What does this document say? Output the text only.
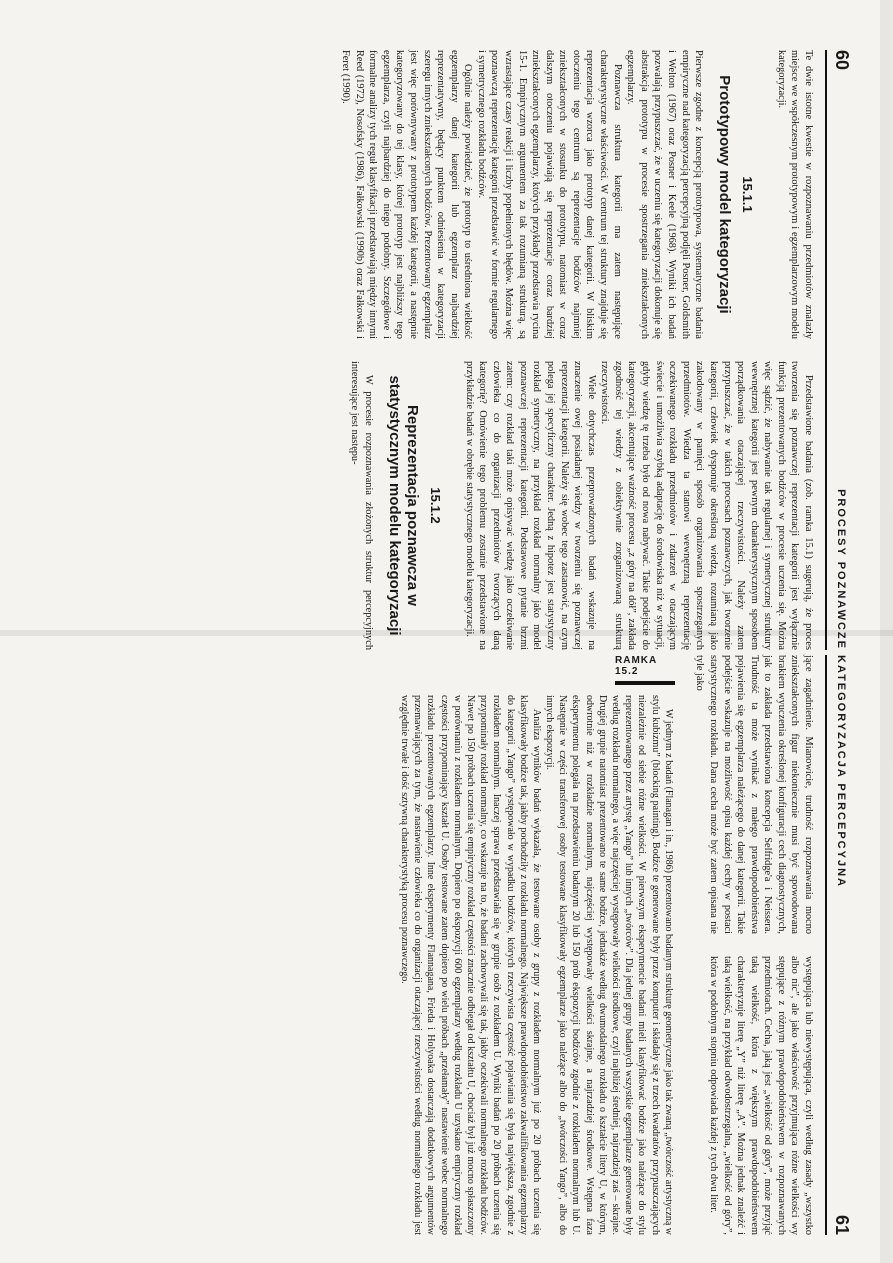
60
PROCESY POZNAWCZE

Te dwie istotne kwestie w rozpoznawaniu przedmiotów znalazły miejsce we współczesnym prototypowym i egzemplarzowym modelu kategoryzacji.

15.1.1
Prototypowy model kategoryzacji

Pierwsze zgodne z koncepcją prototypowa, systematyczne badania empiryczne nad kategoryzacją percepcyjną podjęli Posner, Goldsmith i Welton (1967) oraz Posner i Keele (1968). Wyniki ich badań pozwalają przypuszczać, że w uczeniu się kategoryzacji dokonuje się abstrakcja prototypu w procesie spostrzegania zniekształconych egzemplarzy.

Poznawcza struktura kategorii ma zatem następujące charakterystyczne właściwości. W centrum tej struktury znajduje się reprezentacja wzorca jako prototyp danej kategorii. W bliskim otoczeniu tego centrum są reprezentacje bodźców najmniej zniekształconych w stosunku do prototypu, natomiast w coraz dalszym otoczeniu pojawiają się reprezentacje coraz bardziej zniekształconych egzemplarzy, których przykłady przedstawia rycina 15-1. Empirycznym argumentem za tak rozumianą strukturą, są wzrastające czasy reakcji i liczby popełnionych błędów. Można więc poznawczą reprezentację kategorii przedstawić w formie regularnego i symetrycznego rozkładu bodźców.

Ogólnie należy powiedzieć, że prototyp to uśredniona wielkość egzemplarzy danej kategorii lub egzemplarz najbardziej reprezentatywny, będący punktem odniesienia w kategoryzacji szeregu innych zniekształconych bodźców. Prezentowany egzemplarz jest więc porównywany z prototypem każdej kategorii, a następnie kategoryzowany do tej klasy, której prototyp jest najbliższy tego egzemplarza, czyli najbardziej do niego podobny. Szczegółowe i formalne analizy tych reguł klasyfikacji przedstawiają między innymi Reed (1972), Nosofsky (1986), Fałkowski (1990b) oraz Fałkowski i Feret (1990).

Przedstawione badania (zob. ramka 15.1) sugerują, że proces tworzenia się poznawczej reprezentacji kategorii jest wyłącznie funkcją prezentowanych bodźców w procesie uczenia się. Można więc sądzić, że nabywanie tak regularnej i symetrycznej struktury wewnętrznej kategorii jest pewnym charakterystycznym sposobem porządkowania otaczającej rzeczywistości. Należy zatem przypuszczać, że w takich procesach poznawczych, jak tworzenie kategorii, człowiek dysponuje określoną wiedzą, rozumianą jako zakodowany w pamięci sposób organizowania spostrzeganych przedmiotów. Wiedza ta stanowi wewnętrzną reprezentację oczekiwanego rozkładu przedmiotów i zdarzeń w otaczającym świecie i umożliwia szybką adaptację do środowiska niż w sytuacji, gdyby wiedzę tę trzeba było od nowa nabywać. Takie podejście do kategoryzacji, akcentujące ważność procesu „z góry na dół”, zakłada zgodność tej wiedzy z obiektywnie zorganizowaną strukturą rzeczywistości.

Wiele dotychczas przeprowadzonych badań wskazuje na znaczenie owej posiadanej wiedzy w tworzeniu się poznawczej reprezentacji kategorii. Należy się wobec tego zastanowić, na czym polega jej specyficzny charakter. Jedną z hipotez jest statystyczny rozkład symetryczny, na przykład rozkład normalny jako model poznawczej reprezentacji kategorii. Podstawowe pytanie brzmi zatem: czy rozkład taki może opisywać wiedzę jako oczekiwanie człowieka co do organizacji przedmiotów tworzących daną kategorię? Omówienie tego problemu zostanie przedstawione na przykładzie badań w obrębie statystycznego modelu kategoryzacji.

15.1.2
Reprezentacja poznawcza w statystycznym modelu kategoryzacji

W procesie rozpoznawania złożonych struktur percepcyjnych interesujące jest następu-

KATEGORYZACJA PERCEPCYJNA
61

jące zagadnienie. Mianowicie, trudność rozpoznawania mocno zniekształconych figur niekoniecznie musi być spowodowana brakiem wyuczenia określonej konfiguracji cech diagnostycznych, jak to zakłada przedstawiona koncepcja Selfridge'a i Neissera. Trudność ta może wynikać z małego prawdopodobieństwa pojawienia się egzemplarza należącego do danej kategorii. Takie podejście wskazuje na możliwość opisu każdej cechy w postaci statystycznego rozkładu. Dana cecha może być zatem opisana nie tyle jako

występująca lub niewystępująca, czyli według zasady „wszystko albo nic”, ale jako właściwość przyjmująca różne wielkości wy stępujące z różnym prawdopodobieństwem w rozpoznawanych przedmiotach. Cecha, jaką jest „wielkość od góry”, może przyjąć taką wielkość, która z większym prawdopodobieństwem charakteryzuje literę „Y” niż literę „A”. Można jednak znaleźć i taką wielkość, na przykład odwodostrzegalna, „wielkość od góry”, która w podobnym stopniu odpowiada każdej z tych dwu liter.

RAMKA 15.2

W jednym z badań (Flanagan i in., 1986) prezentowano badanym strukturę geometryczne jako tak zwaną „twórczość artystyczną w stylu kubizmu” (blocking painting). Bodźce te generowane były przez komputer i składały się z trzech kwadratów przypuszczających niezależnie od siebie różne wielkości. W pierwszym eksperymencie badani mieli klasyfikować bodźce jako należące do stylu reprezentowanego przez artystę „Yango” lub innych „twórców”. Dla jednej grupy badanych wszystkie egzemplarze generowane były według rozkładu normalnego, a więc najczęściej występowały wielkości środkowe, czyli najbliżej średniej, najrzadziej zaś – skrajne. Drugiej grupie natomiast prezentowano te same bodźce, jednakże według dwumodalnego rozkładu o kształcie litery U, w którym, odwrotnie niż w rozkładzie normalnym, najczęściej występowały wielkości skrajne, a najrzadziej środkowe. Wstępna faza eksperymentu polegała na przedstawieniu badanym 20 lub 150 prób ekspozycji bodźców zgodnie z rozkładem normalnym lub U. Następnie w części transferowej osoby testowane klasyfikowały egzemplarze jako należące albo do „twórczości Yango”, albo do innych ekspozycji.

Analiza wyników badań wykazała, że testowane osoby z grupy z rozkładem normalnym już po 20 próbach uczenia się klasyfikowały bodźce tak, jakby pochodziły z rozkładu normalnego. Największe prawdopodobieństwo zakwalifikowania egzemplarzy do kategorii „Yango” występowało w wypadku bodźców, których rzeczywista częstość pojawiania się była największa, zgodnie z rozkładem normalnym. Inaczej sprawa przedstawiała się w grupie osób z rozkładem U. Wyniki badań po 20 próbach uczenia się przypominały rozkład normalny, co wskazuje na to, że badani zachowywali się tak, jakby oczekiwali normalnego rozkładu bodźców. Nawet po 150 próbach uczenia się empiryczny rozkład częstości znacznie odbiegał od kształtu U, chociaż był już mocno spłaszczony w porównaniu z rozkładem normalnym. Dopiero po ekspozycji 600 egzemplarzy według rozkładu U uzyskano empiryczny rozkład częstości przypominający kształt U. Osoby testowane zatem dopiero po wielu próbach „przełamały” nastawienie wobec normalnego rozkładu prezentowanych egzemplarzy. Inne eksperymenty Flannagana, Frieda i Holyoaka dostarczają dodatkowych argumentów przemawiających za tym, że nastawienie człowieka co do organizacji otaczającej rzeczywistości według normalnego rozkładu jest względnie trwałe i dość sztywną charakterystyką procesu poznawczego.
